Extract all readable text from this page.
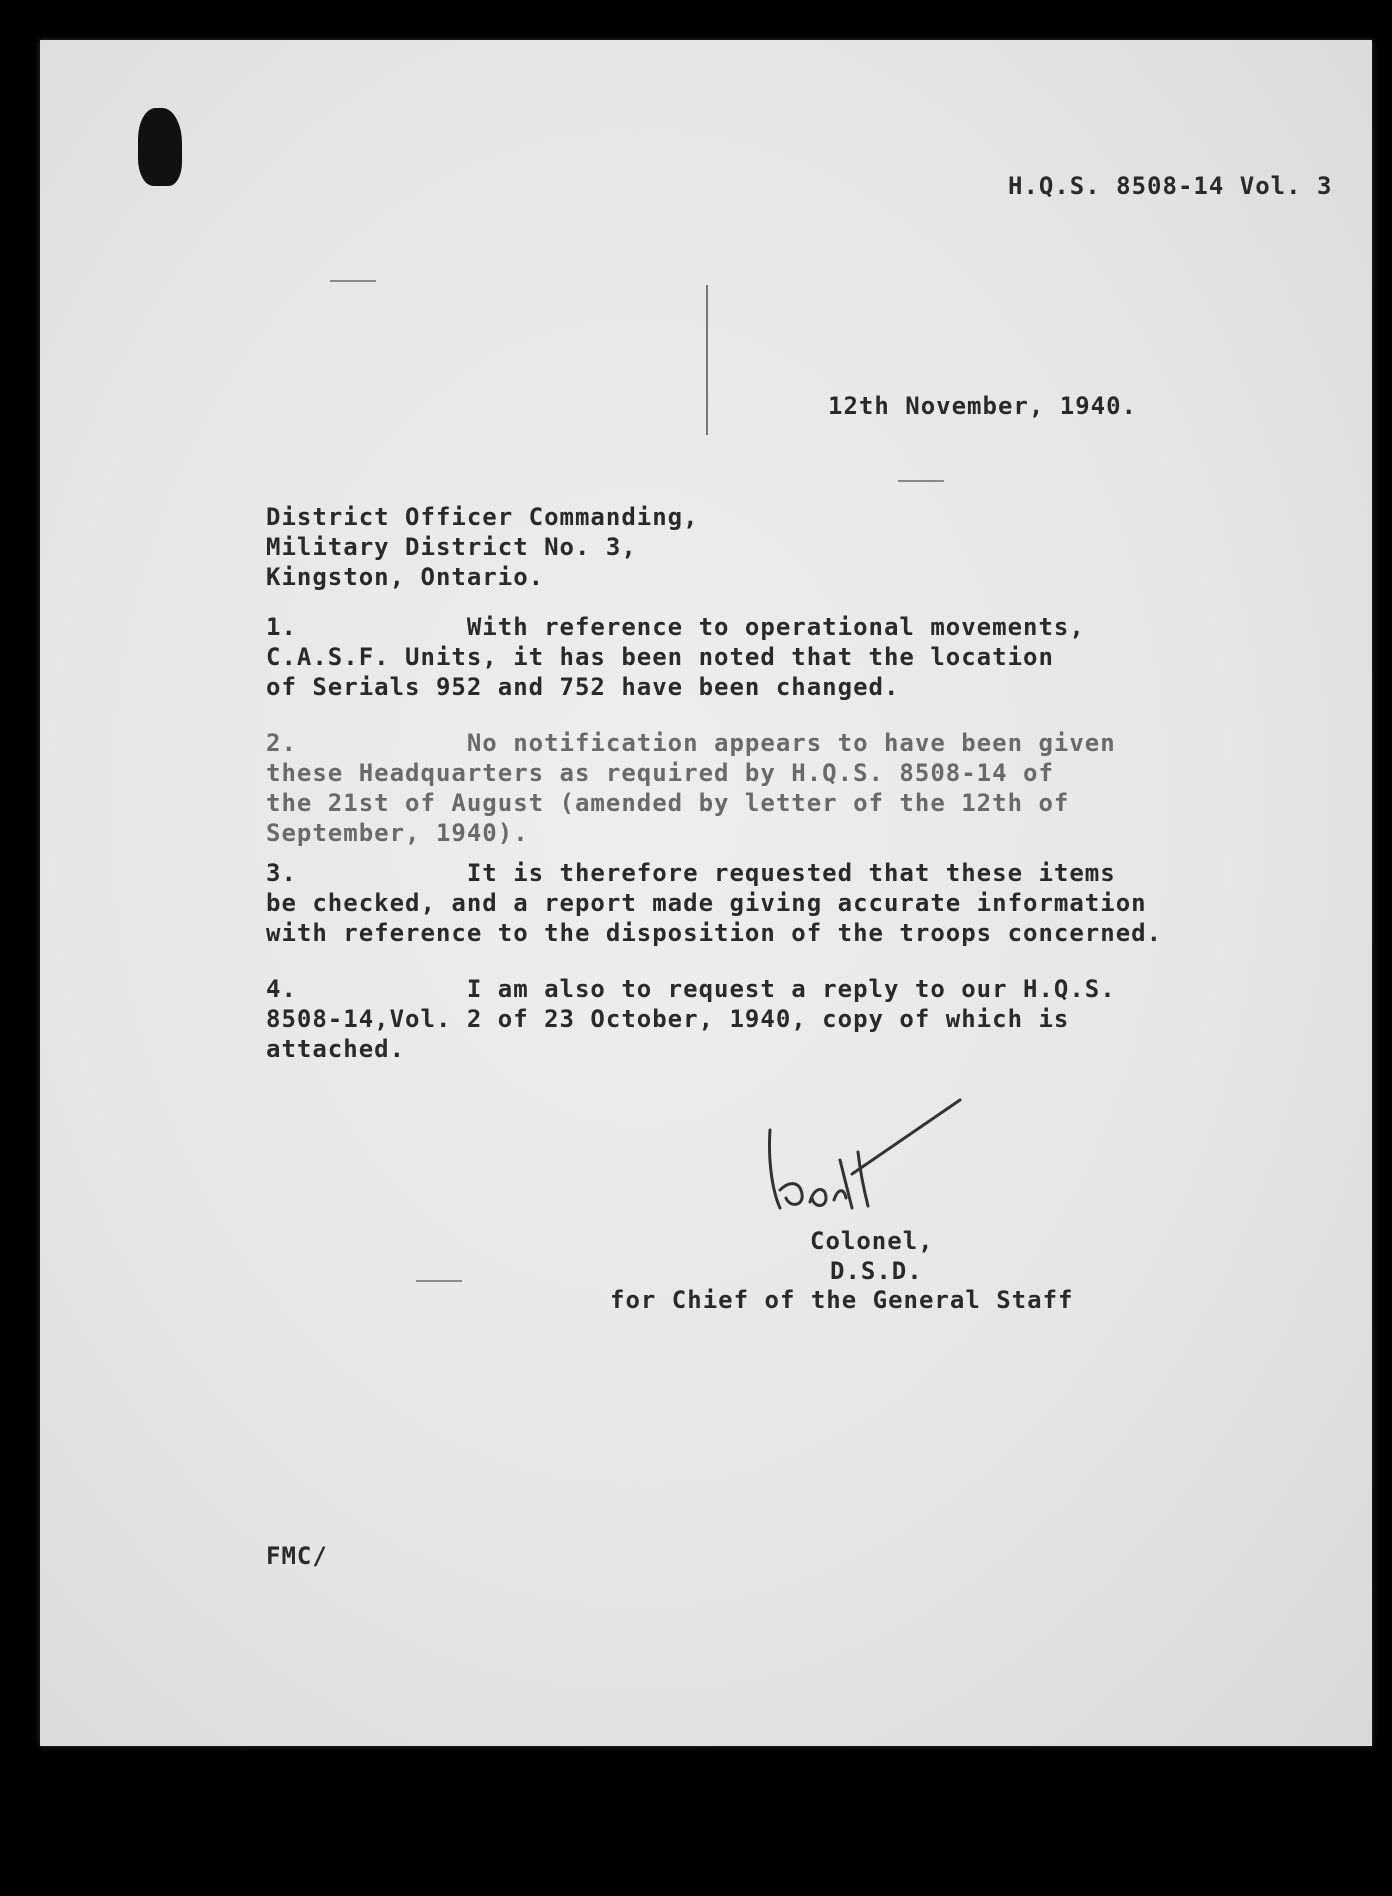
H.Q.S. 8508-14 Vol. 3
12th November, 1940.
District Officer Commanding,
Military District No. 3,
Kingston, Ontario.
1.           With reference to operational movements,
C.A.S.F. Units, it has been noted that the location
of Serials 952 and 752 have been changed.
2.           No notification appears to have been given
these Headquarters as required by H.Q.S. 8508-14 of
the 21st of August (amended by letter of the 12th of
September, 1940).
3.           It is therefore requested that these items
be checked, and a report made giving accurate information
with reference to the disposition of the troops concerned.
4.           I am also to request a reply to our H.Q.S.
8508-14,Vol. 2 of 23 October, 1940, copy of which is
attached.
Colonel,
D.S.D.
for Chief of the General Staff
FMC/
